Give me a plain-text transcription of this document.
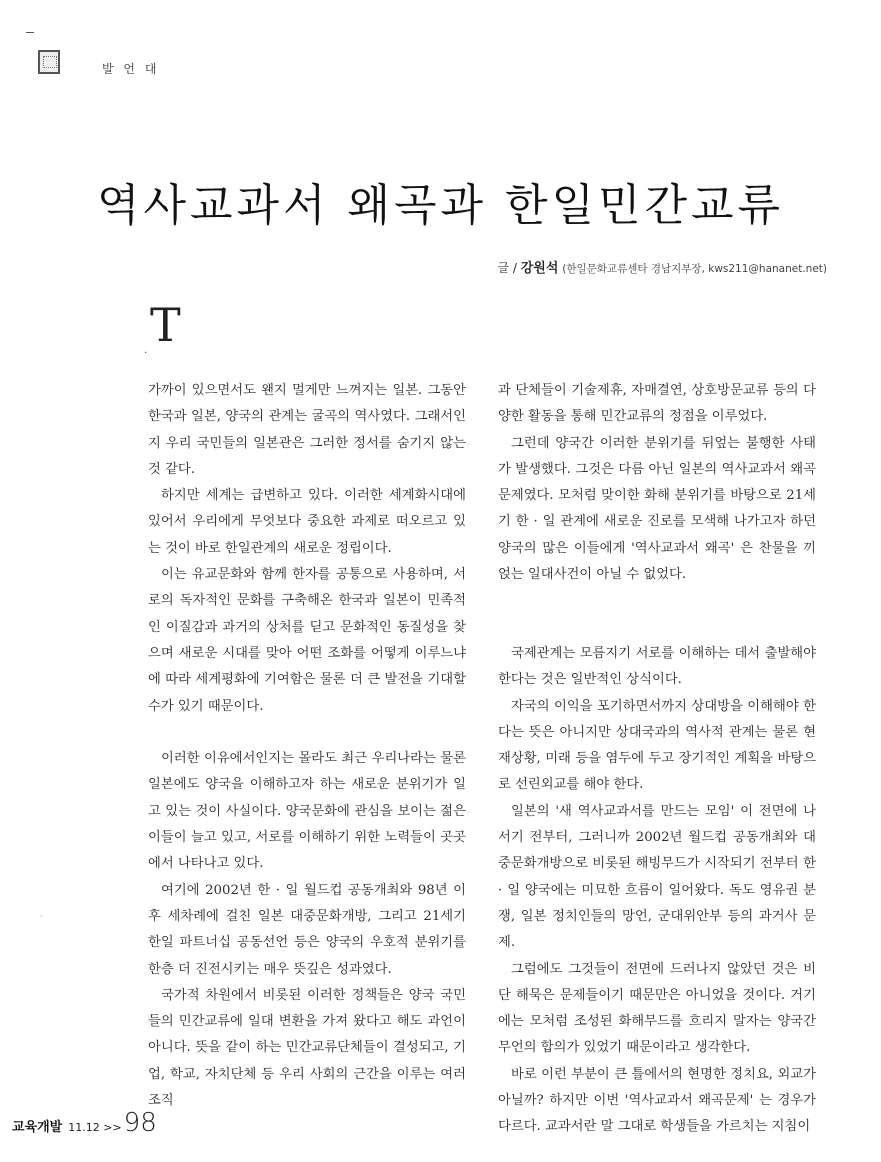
발 언 대
역사교과서 왜곡과 한일민간교류
글 / 강원석 (한일문화교류센타 경남지부장, kws211@hananet.net)
T
·

가까이 있으면서도 왠지 멀게만 느껴지는 일본. 그동안 한국과 일본, 양국의 관계는 굴곡의 역사였다. 그래서인지 우리 국민들의 일본관은 그러한 정서를 숨기지 않는 것 같다.

하지만 세계는 급변하고 있다. 이러한 세계화시대에 있어서 우리에게 무엇보다 중요한 과제로 떠오르고 있는 것이 바로 한일관계의 새로운 정립이다.

이는 유교문화와 함께 한자를 공통으로 사용하며, 서로의 독자적인 문화를 구축해온 한국과 일본이 민족적인 이질감과 과거의 상처를 딛고 문화적인 동질성을 찾으며 새로운 시대를 맞아 어떤 조화를 어떻게 이루느냐에 따라 세계평화에 기여함은 물론 더 큰 발전을 기대할 수가 있기 때문이다.

이러한 이유에서인지는 몰라도 최근 우리나라는 물론 일본에도 양국을 이해하고자 하는 새로운 분위기가 일고 있는 것이 사실이다. 양국문화에 관심을 보이는 젊은이들이 늘고 있고, 서로를 이해하기 위한 노력들이 곳곳에서 나타나고 있다.

여기에 2002년 한 · 일 월드컵 공동개최와 98년 이후 세차례에 걸친 일본 대중문화개방, 그리고 21세기 한일 파트너십 공동선언 등은 양국의 우호적 분위기를 한층 더 진전시키는 매우 뜻깊은 성과였다.

국가적 차원에서 비롯된 이러한 정책들은 양국 국민들의 민간교류에 일대 변환을 가져 왔다고 해도 과언이 아니다. 뜻을 같이 하는 민간교류단체들이 결성되고, 기업, 학교, 자치단체 등 우리 사회의 근간을 이루는 여러 조직

과 단체들이 기술제휴, 자매결연, 상호방문교류 등의 다양한 활동을 통해 민간교류의 정점을 이루었다.

그런데 양국간 이러한 분위기를 뒤엎는 불행한 사태가 발생했다. 그것은 다름 아닌 일본의 역사교과서 왜곡문제였다. 모처럼 맞이한 화해 분위기를 바탕으로 21세기 한 · 일 관계에 새로운 진로를 모색해 나가고자 하던 양국의 많은 이들에게 '역사교과서 왜곡' 은 찬물을 끼얹는 일대사건이 아닐 수 없었다.

국제관계는 모름지기 서로를 이해하는 데서 출발해야 한다는 것은 일반적인 상식이다.

자국의 이익을 포기하면서까지 상대방을 이해해야 한다는 뜻은 아니지만 상대국과의 역사적 관계는 물론 현재상황, 미래 등을 염두에 두고 장기적인 계획을 바탕으로 선린외교를 해야 한다.

일본의 '새 역사교과서를 만드는 모임' 이 전면에 나서기 전부터, 그러니까 2002년 월드컵 공동개최와 대중문화개방으로 비롯된 해빙무드가 시작되기 전부터 한 · 일 양국에는 미묘한 흐름이 일어왔다. 독도 영유권 분쟁, 일본 정치인들의 망언, 군대위안부 등의 과거사 문제.

그럼에도 그것들이 전면에 드러나지 않았던 것은 비단 해묵은 문제들이기 때문만은 아니었을 것이다. 거기에는 모처럼 조성된 화해무드를 흐리지 말자는 양국간 무언의 합의가 있었기 때문이라고 생각한다.

바로 이런 부분이 큰 틀에서의 현명한 정치요, 외교가 아닐까? 하지만 이번 '역사교과서 왜곡문제' 는 경우가 다르다. 교과서란 말 그대로 학생들을 가르치는 지침이

·
교육개발 11.12 >> 98
